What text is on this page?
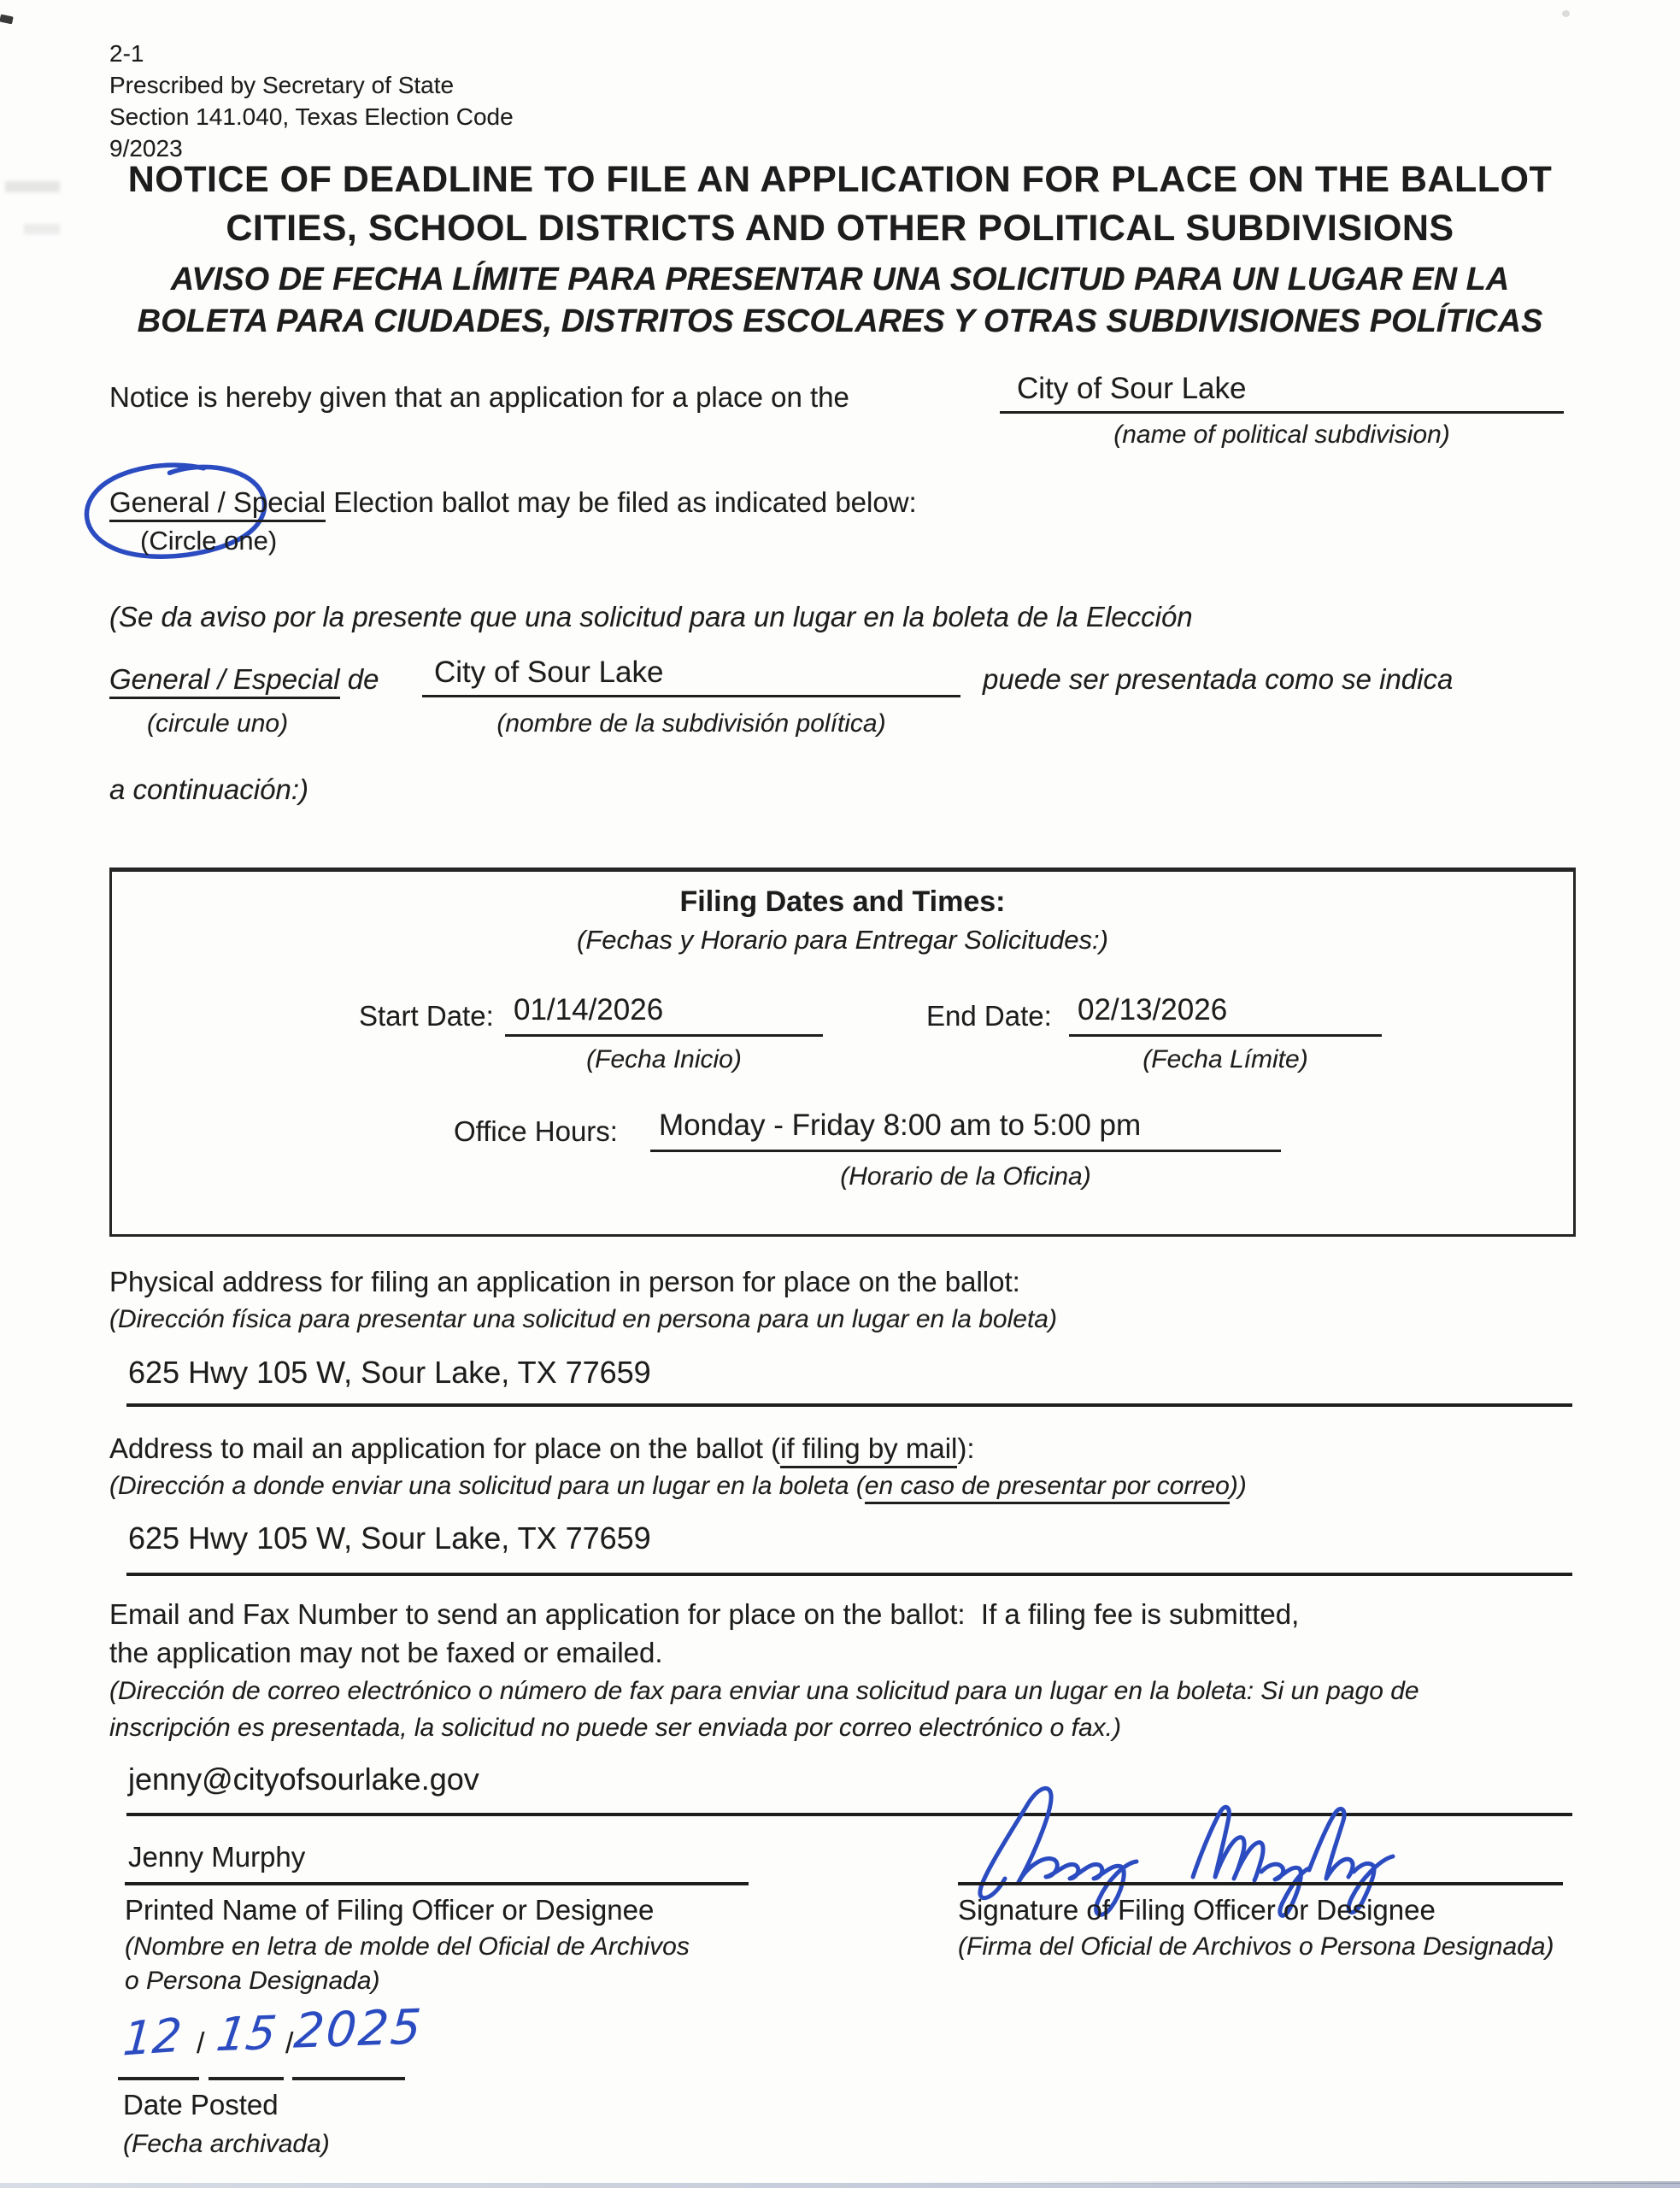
2-1
Prescribed by Secretary of State
Section 141.040, Texas Election Code
9/2023
NOTICE OF DEADLINE TO FILE AN APPLICATION FOR PLACE ON THE BALLOT
CITIES, SCHOOL DISTRICTS AND OTHER POLITICAL SUBDIVISIONS
AVISO DE FECHA LÍMITE PARA PRESENTAR UNA SOLICITUD PARA UN LUGAR EN LA
BOLETA PARA CIUDADES, DISTRITOS ESCOLARES Y OTRAS SUBDIVISIONES POLÍTICAS
Notice is hereby given that an application for a place on the	City of Sour Lake
(name of political subdivision)
General / Special Election ballot may be filed as indicated below:
(Circle one)
(Se da aviso por la presente que una solicitud para un lugar en la boleta de la Elección
General / Especial de City of Sour Lake	puede ser presentada como se indica
(circule uno)	(nombre de la subdivisión política)
a continuación:)
Filing Dates and Times:
(Fechas y Horario para Entregar Solicitudes:)
Start Date: 01/14/2026
(Fecha Inicio)
End Date: 02/13/2026
(Fecha Límite)
Office Hours: Monday - Friday 8:00 am to 5:00 pm
(Horario de la Oficina)
Physical address for filing an application in person for place on the ballot:
(Dirección física para presentar una solicitud en persona para un lugar en la boleta)
625 Hwy 105 W, Sour Lake, TX 77659
Address to mail an application for place on the ballot (if filing by mail):
(Dirección a donde enviar una solicitud para un lugar en la boleta (en caso de presentar por correo))
625 Hwy 105 W, Sour Lake, TX 77659
Email and Fax Number to send an application for place on the ballot:  If a filing fee is submitted,
the application may not be faxed or emailed.
(Dirección de correo electrónico o número de fax para enviar una solicitud para un lugar en la boleta: Si un pago de
inscripción es presentada, la solicitud no puede ser enviada por correo electrónico o fax.)
jenny@cityofsourlake.gov
Jenny Murphy
Printed Name of Filing Officer or Designee
(Nombre en letra de molde del Oficial de Archivos
o Persona Designada)
Signature of Filing Officer or Designee
(Firma del Oficial de Archivos o Persona Designada)
12 / 15 /
2025
Date Posted
(Fecha archivada)
